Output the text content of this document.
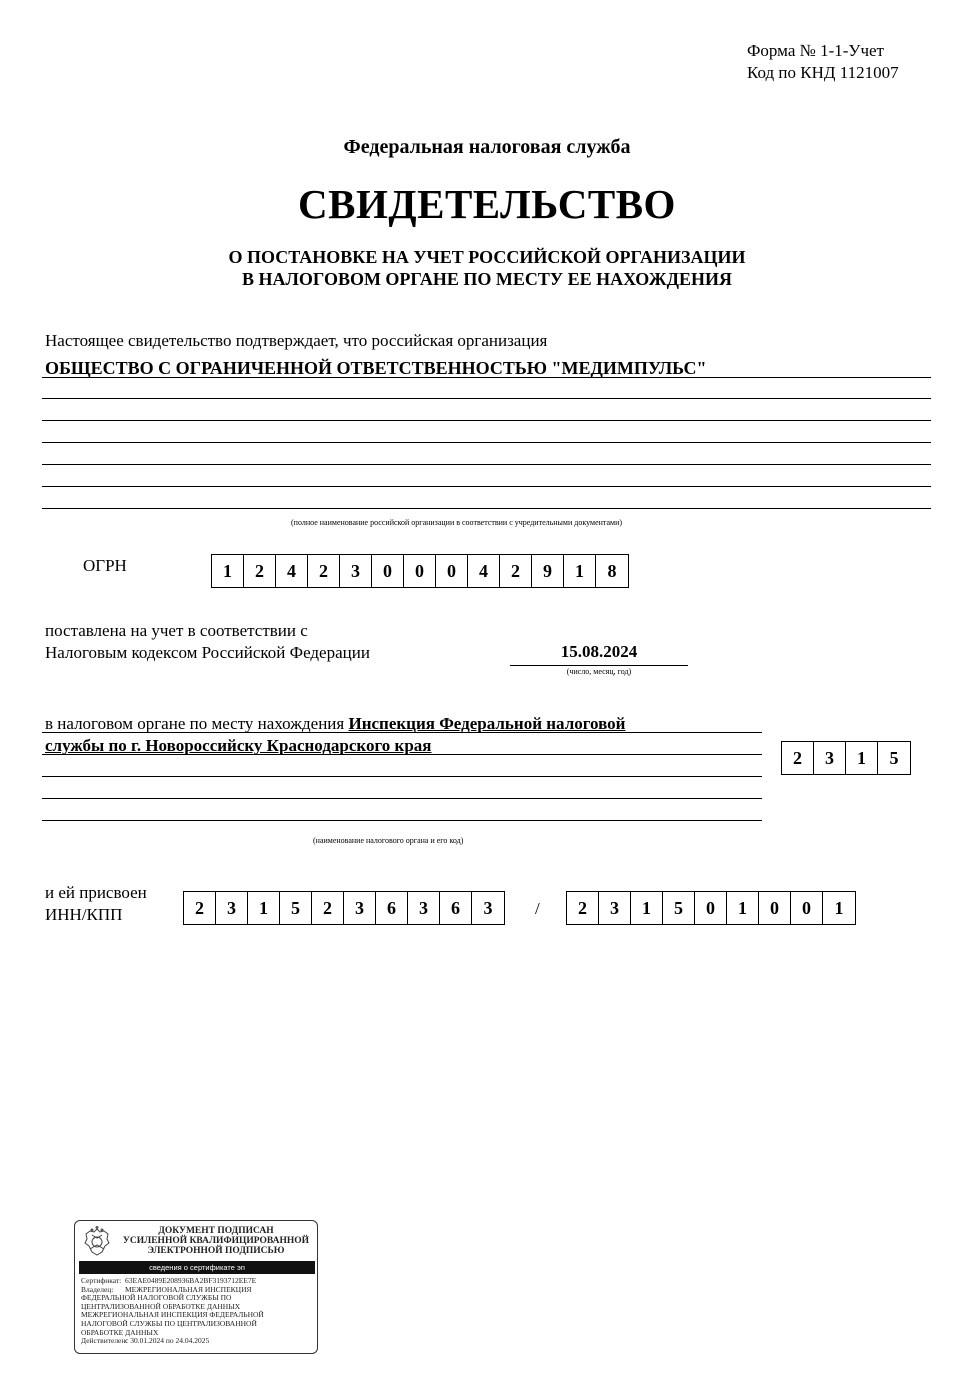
Форма № 1-1-Учет
Код по КНД 1121007
Федеральная налоговая служба
СВИДЕТЕЛЬСТВО
О ПОСТАНОВКЕ НА УЧЕТ РОССИЙСКОЙ ОРГАНИЗАЦИИ
В НАЛОГОВОМ ОРГАНЕ ПО МЕСТУ ЕЕ НАХОЖДЕНИЯ
Настоящее свидетельство подтверждает, что российская организация
ОБЩЕСТВО С ОГРАНИЧЕННОЙ ОТВЕТСТВЕННОСТЬЮ "МЕДИМПУЛЬС"
(полное наименование российской организации в соответствии с учредительными документами)
ОГРН	1	2	4	2	3	0	0	0	4	2	9	1	8
поставлена на учет в соответствии с
Налоговым кодексом Российской Федерации	15.08.2024
(число, месяц, год)
в налоговом органе по месту нахождения Инспекция Федеральной налоговой
службы по г. Новороссийску Краснодарского края
2	3	1	5
(наименование налогового органа и его код)
и ей присвоен
ИНН/КПП	2	3	1	5	2	3	6	3	6	3	/	2	3	1	5	0	1	0	0	1
ДОКУМЕНТ ПОДПИСАН
УСИЛЕННОЙ КВАЛИФИЦИРОВАННОЙ
ЭЛЕКТРОННОЙ ПОДПИСЬЮ
сведения о сертификате эп
Сертификат: 63EAE0489E208936BA2BF3193712EE7E
Владелец: МЕЖРЕГИОНАЛЬНАЯ ИНСПЕКЦИЯ
ФЕДЕРАЛЬНОЙ НАЛОГОВОЙ СЛУЖБЫ ПО
ЦЕНТРАЛИЗОВАННОЙ ОБРАБОТКЕ ДАННЫХ
МЕЖРЕГИОНАЛЬНАЯ ИНСПЕКЦИЯ ФЕДЕРАЛЬНОЙ
НАЛОГОВОЙ СЛУЖБЫ ПО ЦЕНТРАЛИЗОВАННОЙ
ОБРАБОТКЕ ДАННЫХ
Действителен:с 30.01.2024 по 24.04.2025
